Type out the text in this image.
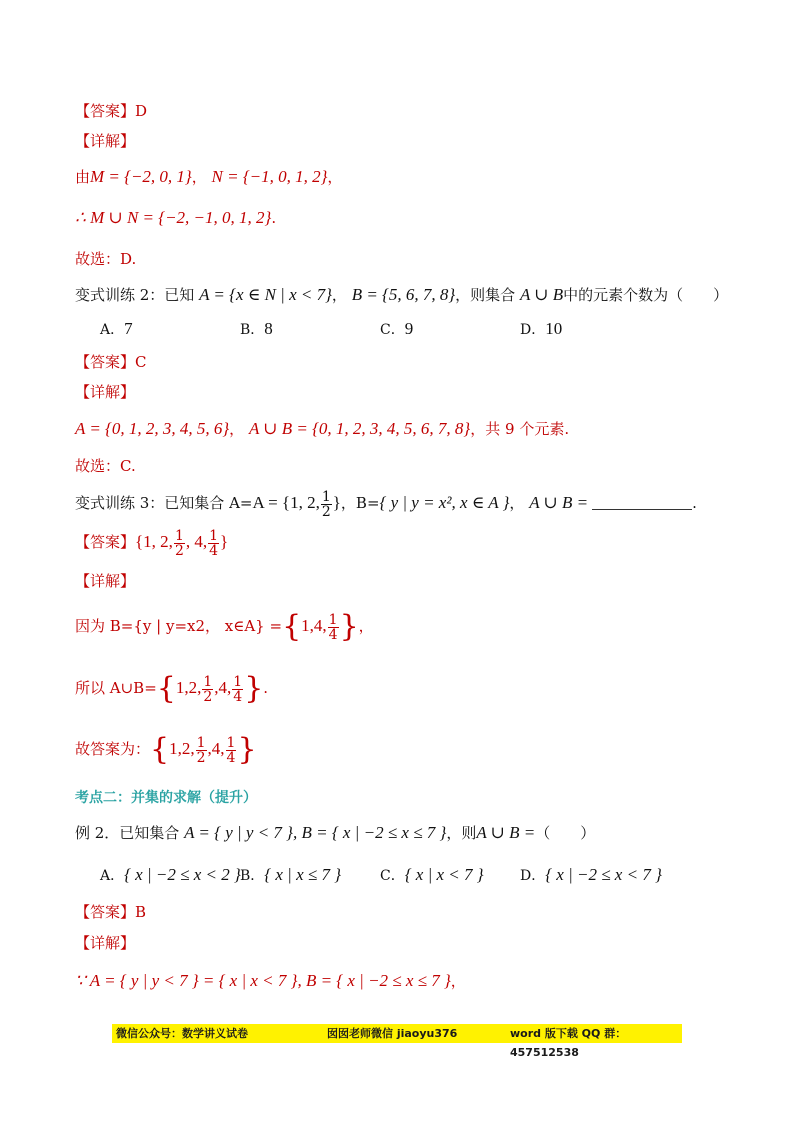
【答案】D
【详解】
由M = {−2, 0, 1}， N = {−1, 0, 1, 2}，
∴ M ∪ N = {−2, −1, 0, 1, 2}.
故选：D.
变式训练 2：已知 A = {x ∈ N | x < 7}， B = {5, 6, 7, 8}，则集合 A ∪ B中的元素个数为（　　）
A．7	B．8	C．9	D．10
【答案】C
【详解】
A = {0, 1, 2, 3, 4, 5, 6}， A ∪ B = {0, 1, 2, 3, 4, 5, 6, 7, 8}，共 9 个元素.
故选：C.
变式训练 3：已知集合 A=A = {1, 2, $\frac{1}{2}$ }，B={ y | y = x², x ∈ A }， A ∪ B =	.
【答案】{1, 2, $\frac{1}{2}$ , 4, $\frac{1}{4}$ }
【详解】
因为 B={y | y=x2， x∈A} ={1,4, $\frac{1}{4}$ }，
所以 A∪B={1,2, $\frac{1}{2} ,4$, $\frac{1}{4}$ }.
故答案为：{1,2, $\frac{1}{2} ,4$, $\frac{1}{4}$ }
考点二：并集的求解（提升）
例 2．已知集合 A = { y | y < 7 }, B = { x | −2 ≤ x ≤ 7 }，则A ∪ B =（　　）
A．{ x | −2 ≤ x < 2 } B．{ x | x ≤ 7 }	C．{ x | x < 7 }	D．{ x | −2 ≤ x < 7 }
【答案】B
【详解】
∵ A = { y | y < 7 } = { x | x < 7 }, B = { x | −2 ≤ x ≤ 7 }，
微信公众号：数学讲义试卷	囡囡老师微信 jiaoyu376	word 版下载 QQ 群：457512538
